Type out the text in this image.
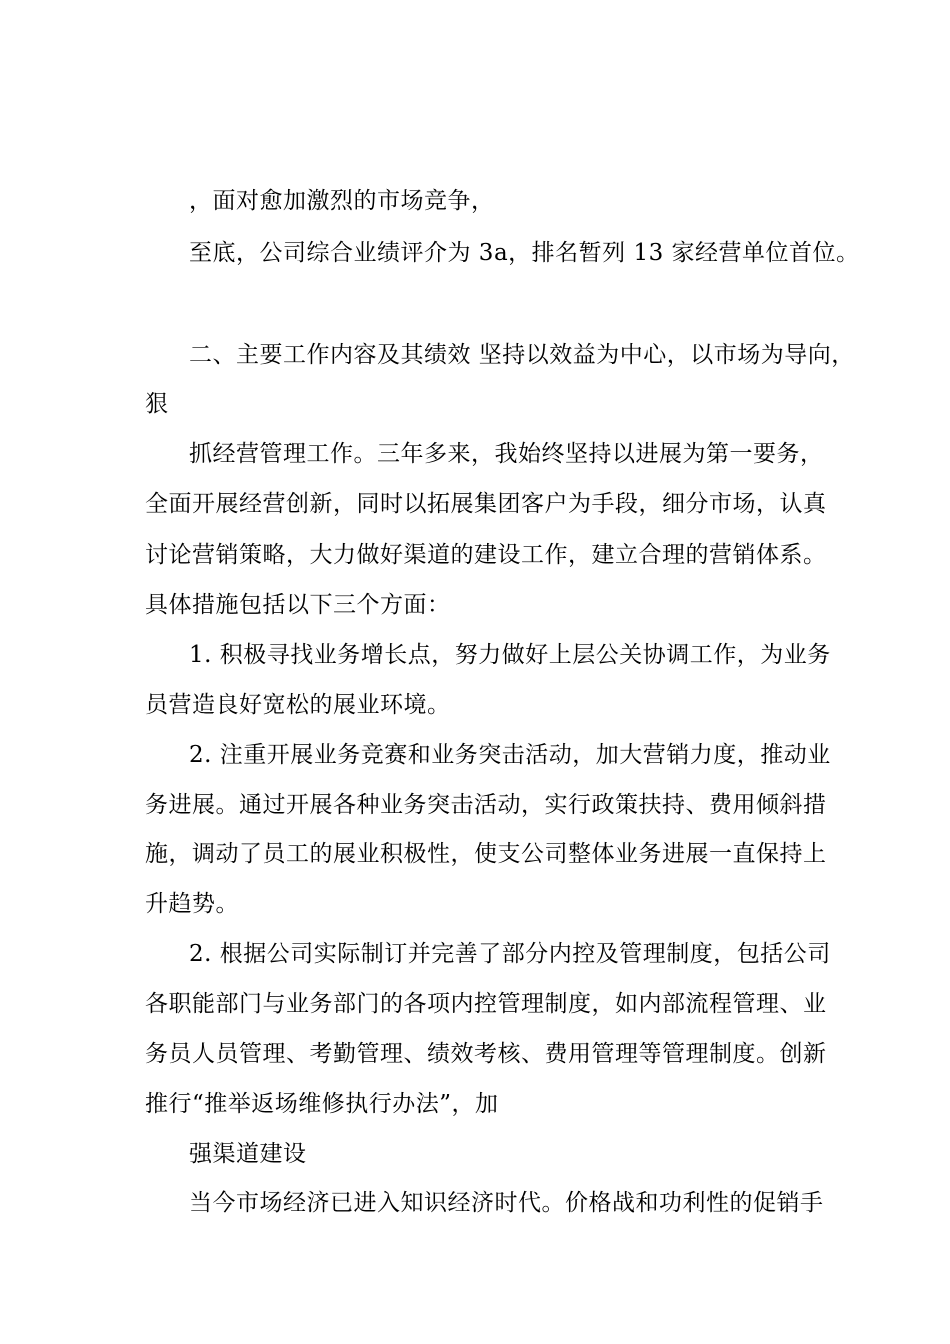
，面对愈加激烈的市场竞争，
至底，公司综合业绩评介为 3a，排名暂列 13 家经营单位首位。
二、主要工作内容及其绩效 坚持以效益为中心，以市场为导向，
狠
抓经营管理工作。三年多来，我始终坚持以进展为第一要务，
全面开展经营创新，同时以拓展集团客户为手段，细分市场，认真
讨论营销策略，大力做好渠道的建设工作，建立合理的营销体系。
具体措施包括以下三个方面：
1. 积极寻找业务增长点，努力做好上层公关协调工作，为业务
员营造良好宽松的展业环境。
2. 注重开展业务竞赛和业务突击活动，加大营销力度，推动业
务进展。通过开展各种业务突击活动，实行政策扶持、费用倾斜措
施，调动了员工的展业积极性，使支公司整体业务进展一直保持上
升趋势。
2. 根据公司实际制订并完善了部分内控及管理制度，包括公司
各职能部门与业务部门的各项内控管理制度，如内部流程管理、业
务员人员管理、考勤管理、绩效考核、费用管理等管理制度。创新
推行“推举返场维修执行办法”，加
强渠道建设
当今市场经济已进入知识经济时代。价格战和功利性的促销手
